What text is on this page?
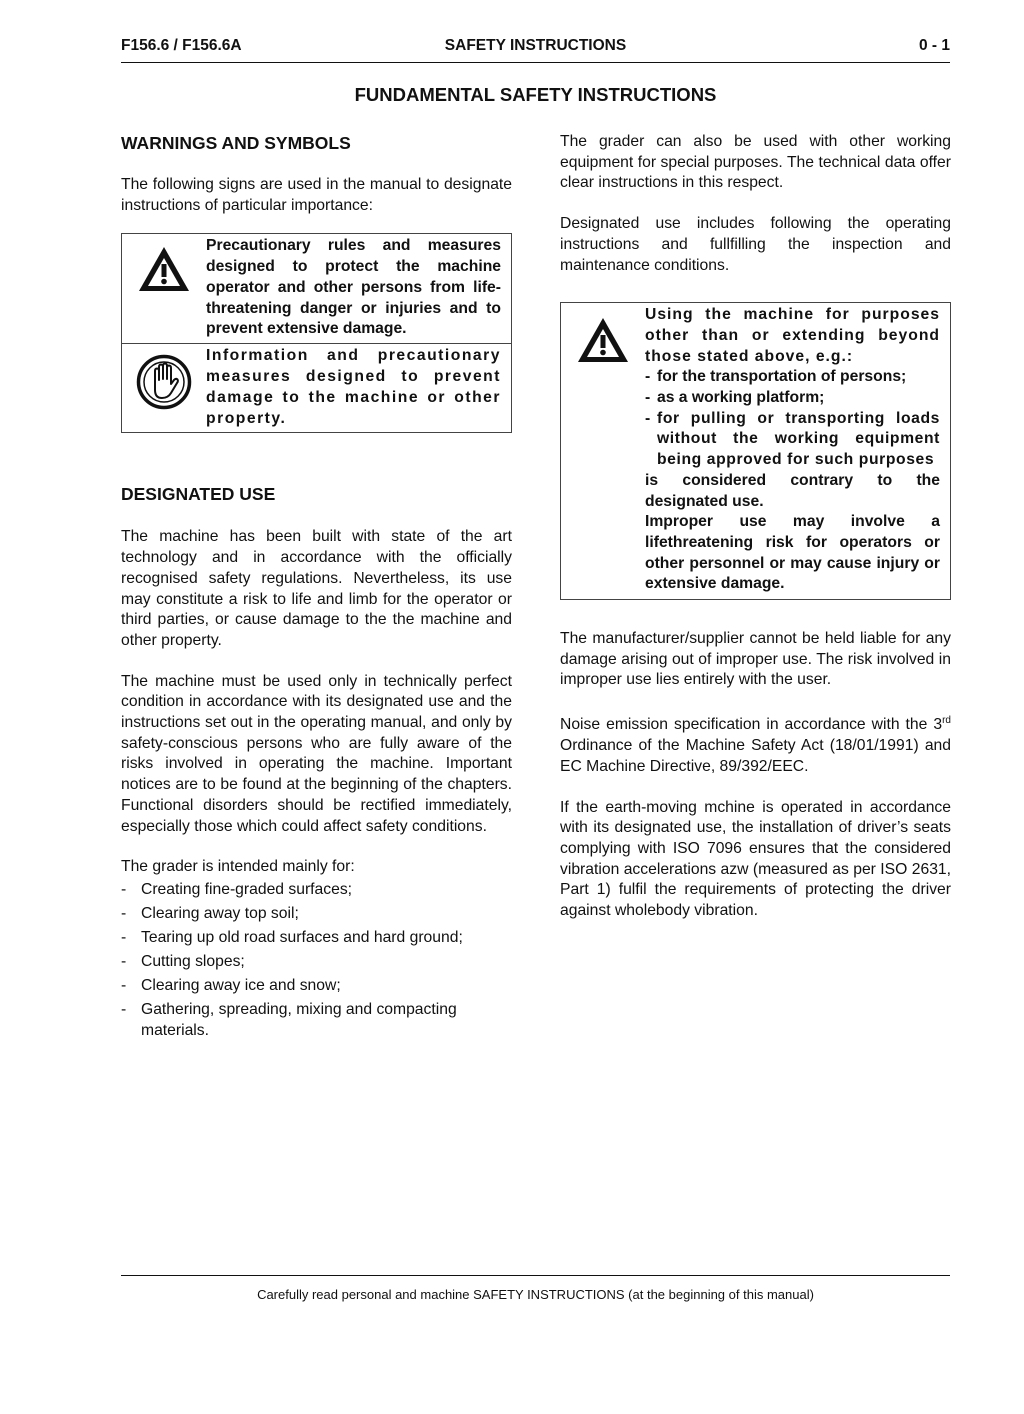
F156.6 / F156.6A	SAFETY INSTRUCTIONS	0 - 1
FUNDAMENTAL SAFETY INSTRUCTIONS
WARNINGS AND SYMBOLS

The following signs are used in the manual to designate instructions of particular importance:

Precautionary rules and measures designed to protect the machine operator and other persons from life-threatening danger or injuries and to prevent extensive damage.
Information and precautionary measures designed to prevent damage to the machine or other property.
DESIGNATED USE

The machine has been built with state of the art technology and in accordance with the officially recognised safety regulations. Nevertheless, its use may constitute a risk to life and limb for the operator or third parties, or cause damage to the the machine and other property.

The machine must be used only in technically perfect condition in accordance with its designated use and the instructions set out in the operating manual, and only by safety-conscious persons who are fully aware of the risks involved in operating the machine. Important notices are to be found at the beginning of the chapters. Functional disorders should be rectified immediately, especially those which could affect safety conditions.

The grader is intended mainly for:

- Creating fine-graded surfaces;
- Clearing away top soil;
- Tearing up old road surfaces and hard ground;
- Cutting slopes;
- Clearing away ice and snow;
- Gathering, spreading, mixing and compacting materials.

The grader can also be used with other working equipment for special purposes. The technical data offer clear instructions in this respect.

Designated use includes following the operating instructions and fullfilling the inspection and maintenance conditions.

Using the machine for purposes other than or extending beyond those stated above, e.g.:
- for the transportation of persons;
- as a working platform;
- for pulling or transporting loads without the working equipment being approved for such purposes
is considered contrary to the designated use.
Improper use may involve a lifethreatening risk for operators or other personnel or may cause injury or extensive damage.

The manufacturer/supplier cannot be held liable for any damage arising out of improper use. The risk involved in improper use lies entirely with the user.

Noise emission specification in accordance with the 3rd Ordinance of the Machine Safety Act (18/01/1991) and EC Machine Directive, 89/392/EEC.

If the earth-moving mchine is operated in accordance with its designated use, the installation of driver’s seats complying with ISO 7096 ensures that the considered vibration accelerations azw (measured as per ISO 2631, Part 1) fulfil the requirements of protecting the driver against wholebody vibration.

Carefully read personal and machine SAFETY INSTRUCTIONS (at the beginning of this manual)
